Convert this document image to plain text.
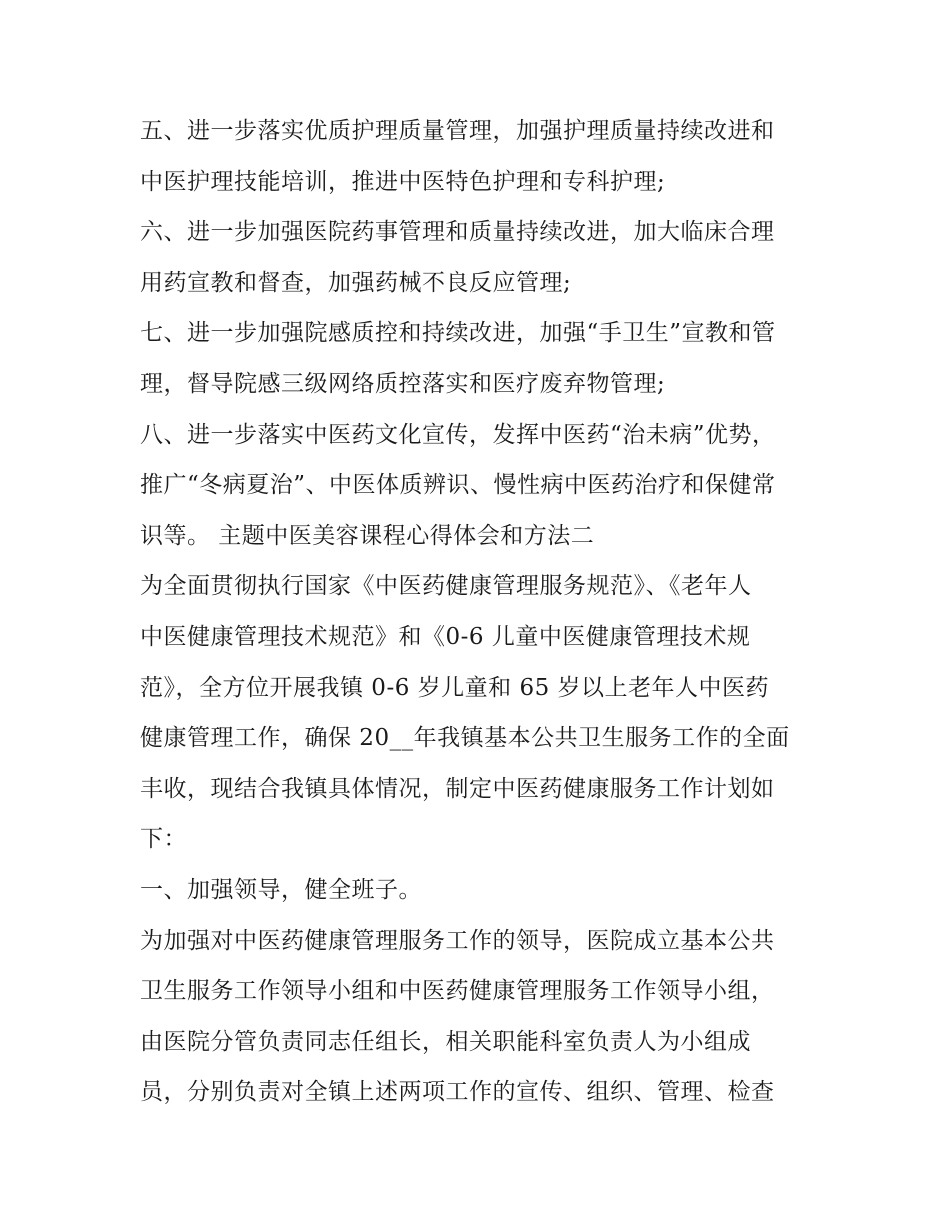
五、进一步落实优质护理质量管理，加强护理质量持续改进和
中医护理技能培训，推进中医特色护理和专科护理;
六、进一步加强医院药事管理和质量持续改进，加大临床合理
用药宣教和督查，加强药械不良反应管理;
七、进一步加强院感质控和持续改进，加强“手卫生”宣教和管
理，督导院感三级网络质控落实和医疗废弃物管理;
八、进一步落实中医药文化宣传，发挥中医药“治未病”优势，
推广“冬病夏治”、中医体质辨识、慢性病中医药治疗和保健常
识等。 主题中医美容课程心得体会和方法二
为全面贯彻执行国家《中医药健康管理服务规范》、《老年人
中医健康管理技术规范》和《0-6 儿童中医健康管理技术规
范》，全方位开展我镇 0-6 岁儿童和 65 岁以上老年人中医药
健康管理工作，确保 20__年我镇基本公共卫生服务工作的全面
丰收，现结合我镇具体情况，制定中医药健康服务工作计划如
下：
一、加强领导，健全班子。
为加强对中医药健康管理服务工作的领导，医院成立基本公共
卫生服务工作领导小组和中医药健康管理服务工作领导小组，
由医院分管负责同志任组长，相关职能科室负责人为小组成
员，分别负责对全镇上述两项工作的宣传、组织、管理、检查
